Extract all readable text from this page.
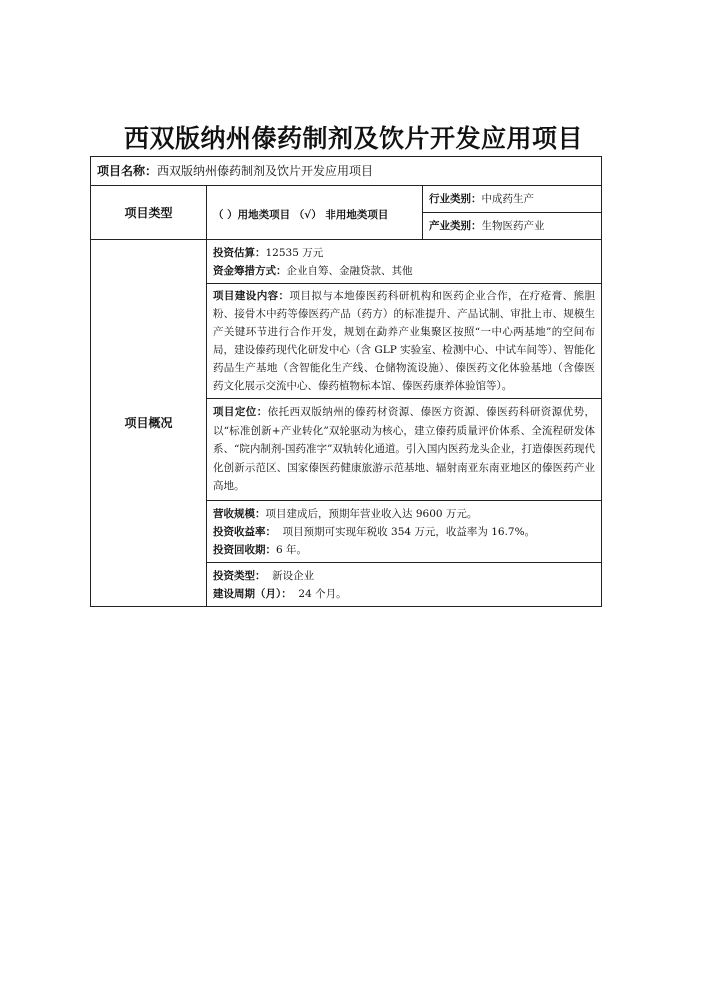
西双版纳州傣药制剂及饮片开发应用项目
项目名称：西双版纳州傣药制剂及饮片开发应用项目		
项目类型	（ ）用地类项目 （√） 非用地类项目	行业类别：中成药生产
		产业类别：生物医药产业
项目概况	投资估算：12535 万元
资金筹措方式：企业自筹、金融贷款、其他	

	项目建设内容：项目拟与本地傣医药科研机构和医药企业合作，在疗疮膏、熊胆粉、接骨木中药等傣医药产品（药方）的标准提升、产品试制、审批上市、规模生产关键环节进行合作开发，规划在勐养产业集聚区按照“一中心两基地”的空间布局，建设傣药现代化研发中心（含 GLP 实验室、检测中心、中试车间等）、智能化药品生产基地（含智能化生产线、仓储物流设施）、傣医药文化体验基地（含傣医药文化展示交流中心、傣药植物标本馆、傣医药康养体验馆等）。	
	项目定位：依托西双版纳州的傣药材资源、傣医方资源、傣医药科研资源优势，以“标准创新+产业转化”双轮驱动为核心，建立傣药质量评价体系、全流程研发体系、“院内制剂-国药准字”双轨转化通道。引入国内医药龙头企业，打造傣医药现代化创新示范区、国家傣医药健康旅游示范基地、辐射南亚东南亚地区的傣医药产业高地。	

	营收规模：项目建成后，预期年营业收入达 9600 万元。
投资收益率：  项目预期可实现年税收 354 万元，收益率为 16.7%。
投资回收期：6 年。	

	投资类型：  新设企业
建设周期（月）：  24 个月。	
